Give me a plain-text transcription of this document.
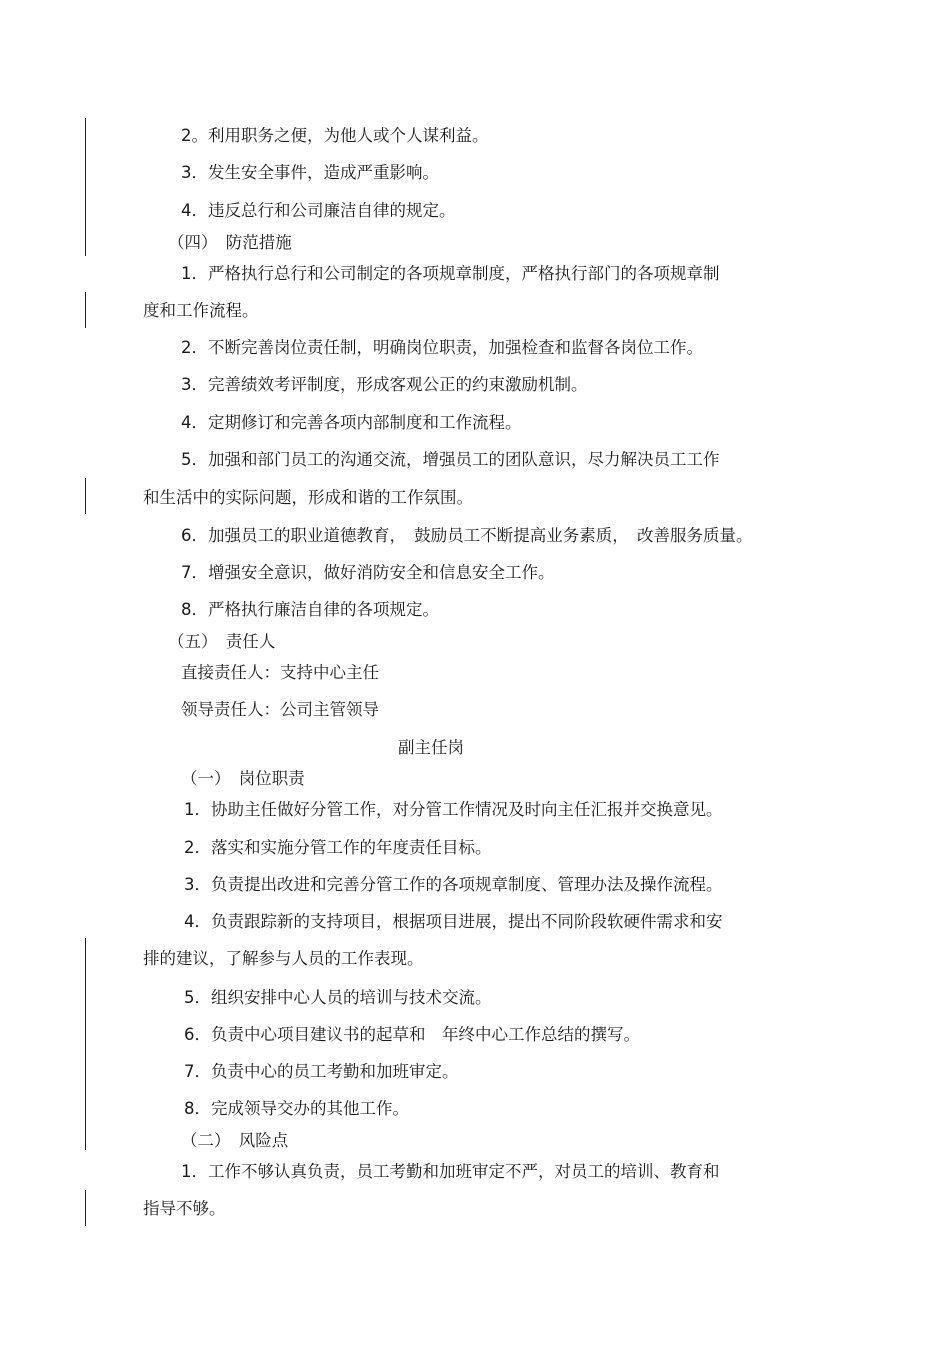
2。利用职务之便，为他人或个人谋利益。
3．发生安全事件，造成严重影响。
4．违反总行和公司廉洁自律的规定。
（四）　防范措施
1．严格执行总行和公司制定的各项规章制度，严格执行部门的各项规章制
度和工作流程。
2．不断完善岗位责任制，明确岗位职责，加强检查和监督各岗位工作。
3．完善绩效考评制度，形成客观公正的约束激励机制。
4．定期修订和完善各项内部制度和工作流程。
5．加强和部门员工的沟通交流，增强员工的团队意识，尽力解决员工工作
和生活中的实际问题，形成和谐的工作氛围。
6．加强员工的职业道德教育，　鼓励员工不断提高业务素质，　改善服务质量。
7．增强安全意识，做好消防安全和信息安全工作。
8．严格执行廉洁自律的各项规定。
（五）　责任人
直接责任人：支持中心主任
领导责任人：公司主管领导
副主任岗
（一）　岗位职责
1．协助主任做好分管工作，对分管工作情况及时向主任汇报并交换意见。
2．落实和实施分管工作的年度责任目标。
3．负责提出改进和完善分管工作的各项规章制度、管理办法及操作流程。
4．负责跟踪新的支持项目，根据项目进展，提出不同阶段软硬件需求和安
排的建议，了解参与人员的工作表现。
5．组织安排中心人员的培训与技术交流。
6．负责中心项目建议书的起草和　年终中心工作总结的撰写。
7．负责中心的员工考勤和加班审定。
8．完成领导交办的其他工作。
（二）　风险点
1．工作不够认真负责，员工考勤和加班审定不严，对员工的培训、教育和
指导不够。
